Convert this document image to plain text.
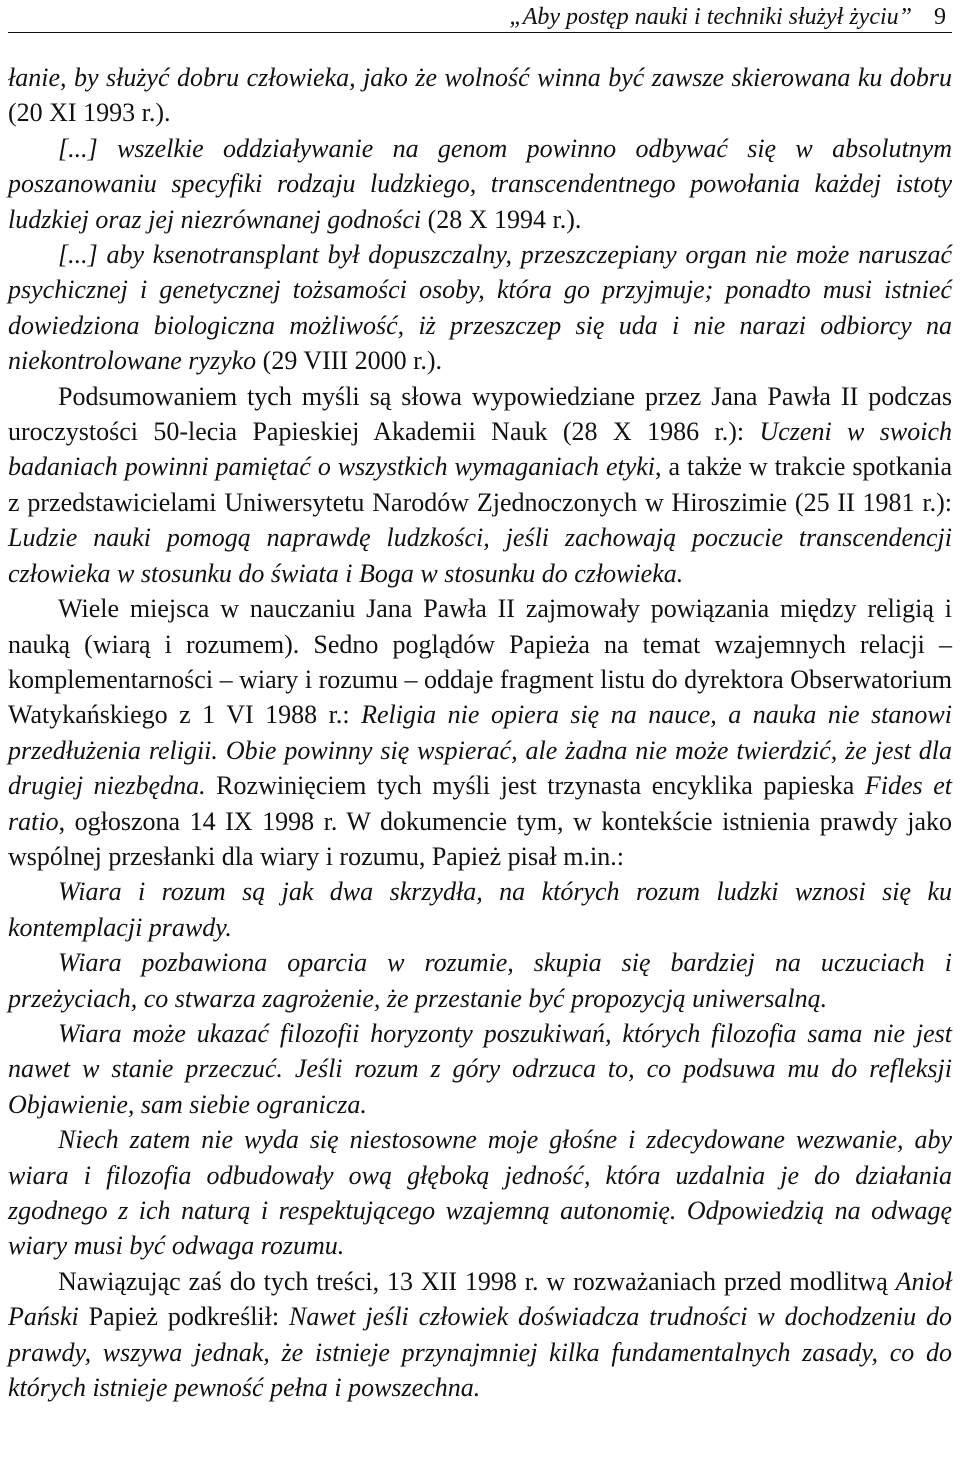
„Aby postęp nauki i techniki służył życiu” 9

łanie, by służyć dobru człowieka, jako że wolność winna być zawsze skierowana ku dobru (20 XI 1993 r.).

[...] wszelkie oddziaływanie na genom powinno odbywać się w absolutnym poszanowaniu specyfiki rodzaju ludzkiego, transcendentnego powołania każdej istoty ludzkiej oraz jej niezrównanej godności (28 X 1994 r.).

[...] aby ksenotransplant był dopuszczalny, przeszczepiany organ nie może naruszać psychicznej i genetycznej tożsamości osoby, która go przyjmuje; ponadto musi istnieć dowiedziona biologiczna możliwość, iż przeszczep się uda i nie narazi odbiorcy na niekontrolowane ryzyko (29 VIII 2000 r.).

Podsumowaniem tych myśli są słowa wypowiedziane przez Jana Pawła II podczas uroczystości 50-lecia Papieskiej Akademii Nauk (28 X 1986 r.): Uczeni w swoich badaniach powinni pamiętać o wszystkich wymaganiach etyki, a także w trakcie spotkania z przedstawicielami Uniwersytetu Narodów Zjednoczonych w Hiroszimie (25 II 1981 r.): Ludzie nauki pomogą naprawdę ludzkości, jeśli zachowają poczucie transcendencji człowieka w stosunku do świata i Boga w stosunku do człowieka.

Wiele miejsca w nauczaniu Jana Pawła II zajmowały powiązania między religią i nauką (wiarą i rozumem). Sedno poglądów Papieża na temat wzajemnych relacji – komplementarności – wiary i rozumu – oddaje fragment listu do dyrektora Obserwatorium Watykańskiego z 1 VI 1988 r.: Religia nie opiera się na nauce, a nauka nie stanowi przedłużenia religii. Obie powinny się wspierać, ale żadna nie może twierdzić, że jest dla drugiej niezbędna. Rozwinięciem tych myśli jest trzynasta encyklika papieska Fides et ratio, ogłoszona 14 IX 1998 r. W dokumencie tym, w kontekście istnienia prawdy jako wspólnej przesłanki dla wiary i rozumu, Papież pisał m.in.:

Wiara i rozum są jak dwa skrzydła, na których rozum ludzki wznosi się ku kontemplacji prawdy.

Wiara pozbawiona oparcia w rozumie, skupia się bardziej na uczuciach i przeżyciach, co stwarza zagrożenie, że przestanie być propozycją uniwersalną.

Wiara może ukazać filozofii horyzonty poszukiwań, których filozofia sama nie jest nawet w stanie przeczuć. Jeśli rozum z góry odrzuca to, co podsuwa mu do refleksji Objawienie, sam siebie ogranicza.

Niech zatem nie wyda się niestosowne moje głośne i zdecydowane wezwanie, aby wiara i filozofia odbudowały ową głęboką jedność, która uzdalnia je do działania zgodnego z ich naturą i respektującego wzajemną autonomię. Odpowiedzią na odwagę wiary musi być odwaga rozumu.

Nawiązując zaś do tych treści, 13 XII 1998 r. w rozważaniach przed modlitwą Anioł Pański Papież podkreślił: Nawet jeśli człowiek doświadcza trudności w dochodzeniu do prawdy, wszywa jednak, że istnieje przynajmniej kilka fundamentalnych zasady, co do których istnieje pewność pełna i powszechna.
